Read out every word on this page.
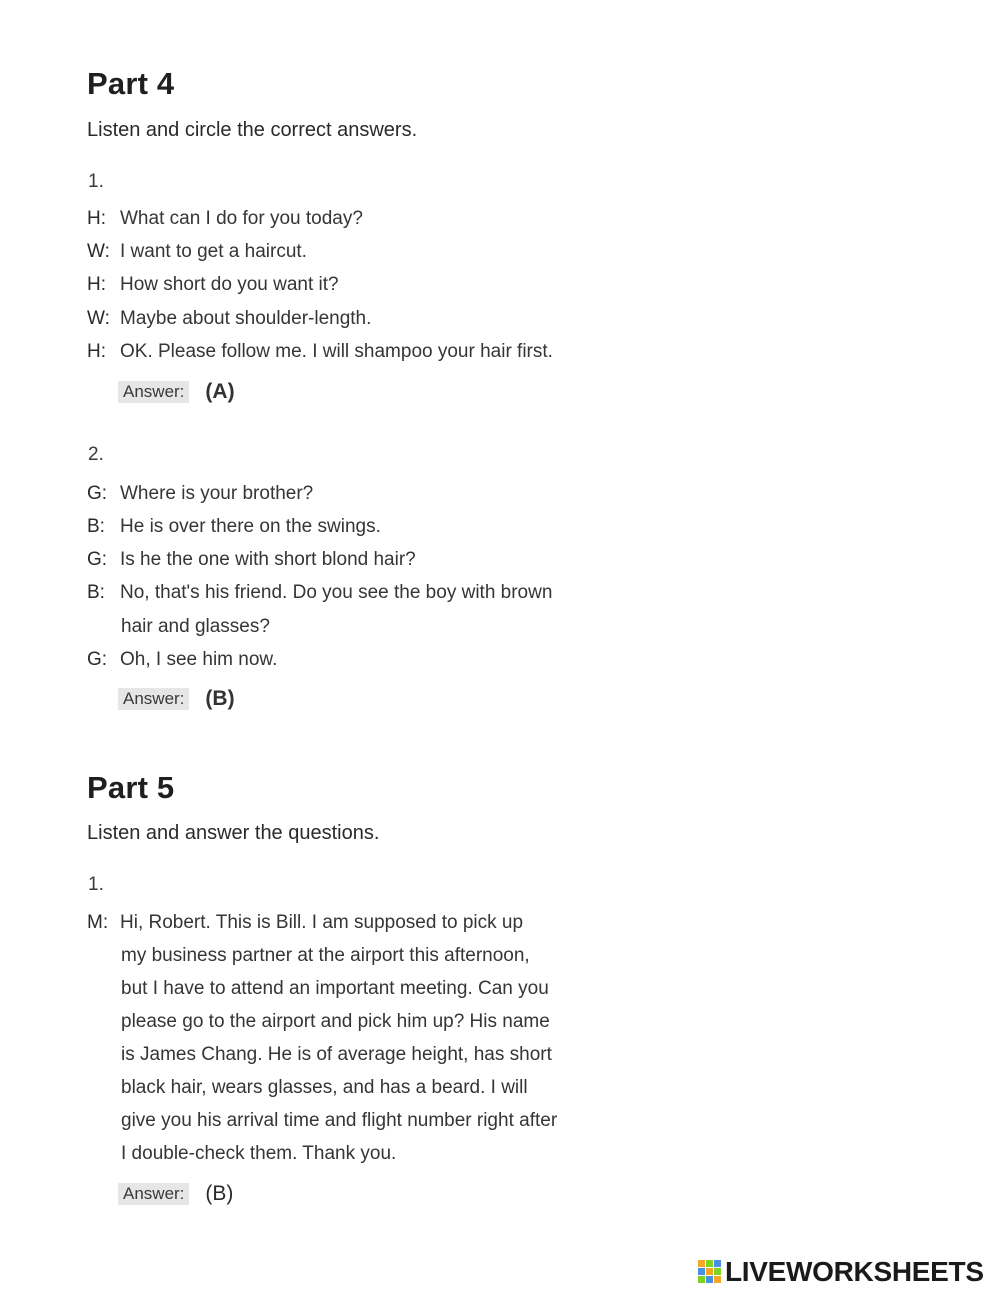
Part 4
Listen and circle the correct answers.
1.
H: What can I do for you today?
W: I want to get a haircut.
H: How short do you want it?
W: Maybe about shoulder-length.
H: OK. Please follow me. I will shampoo your hair first.
Answer: (A)
2.
G: Where is your brother?
B: He is over there on the swings.
G: Is he the one with short blond hair?
B: No, that's his friend. Do you see the boy with brown
hair and glasses?
G: Oh, I see him now.
Answer: (B)
Part 5
Listen and answer the questions.
1.
M: Hi, Robert. This is Bill. I am supposed to pick up
my business partner at the airport this afternoon,
but I have to attend an important meeting. Can you
please go to the airport and pick him up? His name
is James Chang. He is of average height, has short
black hair, wears glasses, and has a beard. I will
give you his arrival time and flight number right after
I double-check them. Thank you.
Answer: (B)
LIVEWORKSHEETS
